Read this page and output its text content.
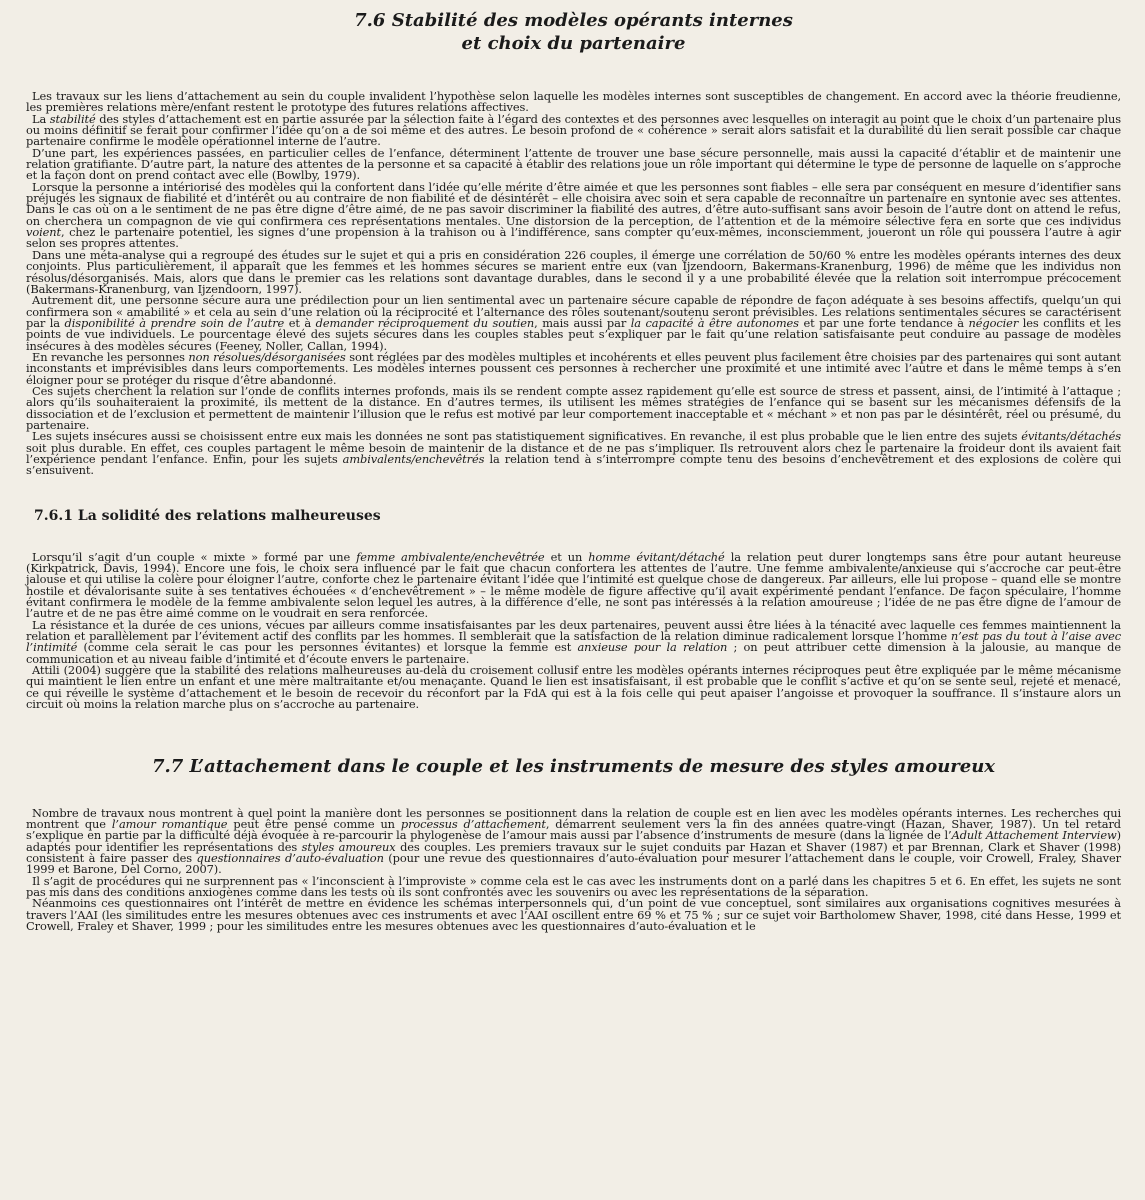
7.6 Stabilité des modèles opérants internes
et choix du partenaire

Les travaux sur les liens d’attachement au sein du couple invalident l’hypothèse selon laquelle les modèles internes sont susceptibles de changement. En accord avec la théorie freudienne, les premières relations mère/enfant restent le prototype des futures relations affectives.

La stabilité des styles d’attachement est en partie assurée par la sélection faite à l’égard des contextes et des personnes avec lesquelles on interagit au point que le choix d’un partenaire plus ou moins définitif se ferait pour confirmer l’idée qu’on a de soi même et des autres. Le besoin profond de « cohérence » serait alors satisfait et la durabilité du lien serait possible car chaque partenaire confirme le modèle opérationnel interne de l’autre.

D’une part, les expériences passées, en particulier celles de l’enfance, déterminent l’attente de trouver une base sécure personnelle, mais aussi la capacité d’établir et de maintenir une relation gratifiante. D’autre part, la nature des attentes de la personne et sa capacité à établir des relations joue un rôle important qui détermine le type de personne de laquelle on s’approche et la façon dont on prend contact avec elle (Bowlby, 1979).

Lorsque la personne a intériorisé des modèles qui la confortent dans l’idée qu’elle mérite d’être aimée et que les personnes sont fiables – elle sera par conséquent en mesure d’identifier sans préjugés les signaux de fiabilité et d’intérêt ou au contraire de non fiabilité et de désintérêt – elle choisira avec soin et sera capable de reconnaître un partenaire en syntonie avec ses attentes. Dans le cas où on a le sentiment de ne pas être digne d’être aimé, de ne pas savoir discriminer la fiabilité des autres, d’être auto-suffisant sans avoir besoin de l’autre dont on attend le refus, on cherchera un compagnon de vie qui confirmera ces représentations mentales. Une distorsion de la perception, de l’attention et de la mémoire sélective fera en sorte que ces individus voient, chez le partenaire potentiel, les signes d’une propension à la trahison ou à l’indifférence, sans compter qu’eux-mêmes, inconsciemment, joueront un rôle qui poussera l’autre à agir selon ses propres attentes.

Dans une méta-analyse qui a regroupé des études sur le sujet et qui a pris en considération 226 couples, il émerge une corrélation de 50/60 % entre les modèles opérants internes des deux conjoints. Plus particulièrement, il apparaît que les femmes et les hommes sécures se marient entre eux (van Ijzendoorn, Bakermans-Kranenburg, 1996) de même que les individus non résolus/désorganisés. Mais, alors que dans le premier cas les relations sont davantage durables, dans le second il y a une probabilité élevée que la relation soit interrompue précocement (Bakermans-Kranenburg, van Ijzendoorn, 1997).

Autrement dit, une personne sécure aura une prédilection pour un lien sentimental avec un partenaire sécure capable de répondre de façon adéquate à ses besoins affectifs, quelqu’un qui confirmera son « amabilité » et cela au sein d’une relation où la réciprocité et l’alternance des rôles soutenant/soutenu seront prévisibles. Les relations sentimentales sécures se caractérisent par la disponibilité à prendre soin de l’autre et à demander réciproquement du soutien, mais aussi par la capacité à être autonomes et par une forte tendance à négocier les conflits et les points de vue individuels. Le pourcentage élevé des sujets sécures dans les couples stables peut s’expliquer par le fait qu’une relation satisfaisante peut conduire au passage de modèles insécures à des modèles sécures (Feeney, Noller, Callan, 1994).

En revanche les personnes non résolues/désorganisées sont réglées par des modèles multiples et incohérents et elles peuvent plus facilement être choisies par des partenaires qui sont autant inconstants et imprévisibles dans leurs comportements. Les modèles internes poussent ces personnes à rechercher une proximité et une intimité avec l’autre et dans le même temps à s’en éloigner pour se protéger du risque d’être abandonné.

Ces sujets cherchent la relation sur l’onde de conflits internes profonds, mais ils se rendent compte assez rapidement qu’elle est source de stress et passent, ainsi, de l’intimité à l’attaque ; alors qu’ils souhaiteraient la proximité, ils mettent de la distance. En d’autres termes, ils utilisent les mêmes stratégies de l’enfance qui se basent sur les mécanismes défensifs de la dissociation et de l’exclusion et permettent de maintenir l’illusion que le refus est motivé par leur comportement inacceptable et « méchant » et non pas par le désintérêt, réel ou présumé, du partenaire.

Les sujets insécures aussi se choisissent entre eux mais les données ne sont pas statistiquement significatives. En revanche, il est plus probable que le lien entre des sujets évitants/détachés soit plus durable. En effet, ces couples partagent le même besoin de maintenir de la distance et de ne pas s’impliquer. Ils retrouvent alors chez le partenaire la froideur dont ils avaient fait l’expérience pendant l’enfance. Enfin, pour les sujets ambivalents/enchevêtrés la relation tend à s’interrompre compte tenu des besoins d’enchevêtrement et des explosions de colère qui s’ensuivent.

7.6.1 La solidité des relations malheureuses

Lorsqu’il s’agit d’un couple « mixte » formé par une femme ambivalente/enchevêtrée et un homme évitant/détaché la relation peut durer longtemps sans être pour autant heureuse (Kirkpatrick, Davis, 1994). Encore une fois, le choix sera influencé par le fait que chacun confortera les attentes de l’autre. Une femme ambivalente/anxieuse qui s’accroche car peut-être jalouse et qui utilise la colère pour éloigner l’autre, conforte chez le partenaire évitant l’idée que l’intimité est quelque chose de dangereux. Par ailleurs, elle lui propose – quand elle se montre hostile et dévalorisante suite à ses tentatives échouées « d’enchevêtrement » – le même modèle de figure affective qu’il avait expérimenté pendant l’enfance. De façon spéculaire, l’homme évitant confirmera le modèle de la femme ambivalente selon lequel les autres, à la différence d’elle, ne sont pas intéressés à la relation amoureuse ; l’idée de ne pas être digne de l’amour de l’autre et de ne pas être aimé comme on le voudrait en sera renforcée.

La résistance et la durée de ces unions, vécues par ailleurs comme insatisfaisantes par les deux partenaires, peuvent aussi être liées à la ténacité avec laquelle ces femmes maintiennent la relation et parallèlement par l’évitement actif des conflits par les hommes. Il semblerait que la satisfaction de la relation diminue radicalement lorsque l’homme n’est pas du tout à l’aise avec l’intimité (comme cela serait le cas pour les personnes évitantes) et lorsque la femme est anxieuse pour la relation ; on peut attribuer cette dimension à la jalousie, au manque de communication et au niveau faible d’intimité et d’écoute envers le partenaire.

Attili (2004) suggère que la stabilité des relations malheureuses au-delà du croisement collusif entre les modèles opérants internes réciproques peut être expliquée par le même mécanisme qui maintient le lien entre un enfant et une mère maltraitante et/ou menaçante. Quand le lien est insatisfaisant, il est probable que le conflit s’active et qu’on se sente seul, rejeté et menacé, ce qui réveille le système d’attachement et le besoin de recevoir du réconfort par la FdA qui est à la fois celle qui peut apaiser l’angoisse et provoquer la souffrance. Il s’instaure alors un circuit où moins la relation marche plus on s’accroche au partenaire.

7.7 L’attachement dans le couple et les instruments de mesure des styles amoureux

Nombre de travaux nous montrent à quel point la manière dont les personnes se positionnent dans la relation de couple est en lien avec les modèles opérants internes. Les recherches qui montrent que l’amour romantique peut être pensé comme un processus d’attachement, démarrent seulement vers la fin des années quatre-vingt (Hazan, Shaver, 1987). Un tel retard s’explique en partie par la difficulté déjà évoquée à re-parcourir la phylogenèse de l’amour mais aussi par l’absence d’instruments de mesure (dans la lignée de l’Adult Attachement Interview) adaptés pour identifier les représentations des styles amoureux des couples. Les premiers travaux sur le sujet conduits par Hazan et Shaver (1987) et par Brennan, Clark et Shaver (1998) consistent à faire passer des questionnaires d’auto-évaluation (pour une revue des questionnaires d’auto-évaluation pour mesurer l’attachement dans le couple, voir Crowell, Fraley, Shaver 1999 et Barone, Del Corno, 2007).

Il s’agit de procédures qui ne surprennent pas « l’inconscient à l’improviste » comme cela est le cas avec les instruments dont on a parlé dans les chapitres 5 et 6. En effet, les sujets ne sont pas mis dans des conditions anxiogènes comme dans les tests où ils sont confrontés avec les souvenirs ou avec les représentations de la séparation.

Néanmoins ces questionnaires ont l’intérêt de mettre en évidence les schémas interpersonnels qui, d’un point de vue conceptuel, sont similaires aux organisations cognitives mesurées à travers l’AAI (les similitudes entre les mesures obtenues avec ces instruments et avec l’AAI oscillent entre 69 % et 75 % ; sur ce sujet voir Bartholomew Shaver, 1998, cité dans Hesse, 1999 et Crowell, Fraley et Shaver, 1999 ; pour les similitudes entre les mesures obtenues avec les questionnaires d’auto-évaluation et le
